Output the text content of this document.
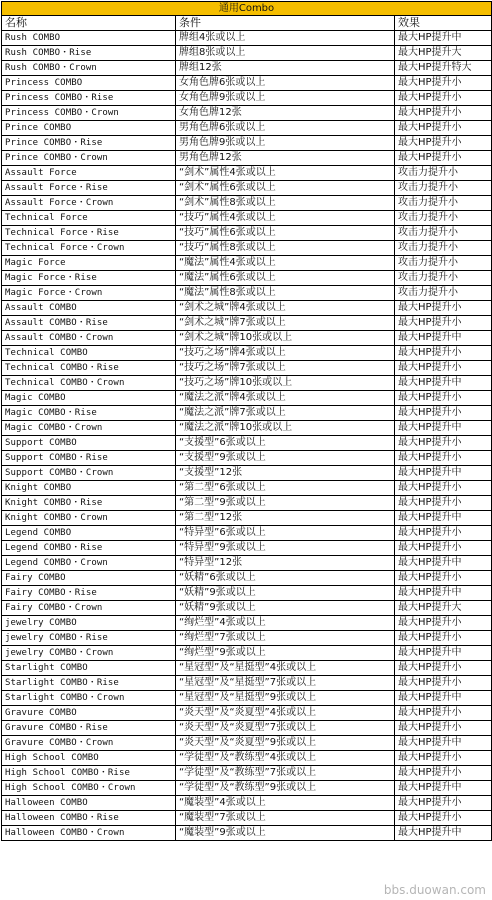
通用Combo		
名称	条件	效果
Rush COMBO	牌组4张或以上	最大HP提升中
Rush COMBO・Rise	牌组8张或以上	最大HP提升大
Rush COMBO・Crown	牌组12张	最大HP提升特大
Princess COMBO	女角色牌6张或以上	最大HP提升小
Princess COMBO・Rise	女角色牌9张或以上	最大HP提升小
Princess COMBO・Crown	女角色牌12张	最大HP提升小
Prince COMBO	男角色牌6张或以上	最大HP提升小
Prince COMBO・Rise	男角色牌9张或以上	最大HP提升小
Prince COMBO・Crown	男角色牌12张	最大HP提升小
Assault Force	“剑术”属性4张或以上	攻击力提升小
Assault Force・Rise	“剑术”属性6张或以上	攻击力提升小
Assault Force・Crown	“剑术”属性8张或以上	攻击力提升小
Technical Force	“技巧”属性4张或以上	攻击力提升小
Technical Force・Rise	“技巧”属性6张或以上	攻击力提升小
Technical Force・Crown	“技巧”属性8张或以上	攻击力提升小
Magic Force	“魔法”属性4张或以上	攻击力提升小
Magic Force・Rise	“魔法”属性6张或以上	攻击力提升小
Magic Force・Crown	“魔法”属性8张或以上	攻击力提升小
Assault COMBO	“剑术之城”牌4张或以上	最大HP提升小
Assault COMBO・Rise	“剑术之城”牌7张或以上	最大HP提升小
Assault COMBO・Crown	“剑术之城”牌10张或以上	最大HP提升中
Technical COMBO	“技巧之场”牌4张或以上	最大HP提升小
Technical COMBO・Rise	“技巧之场”牌7张或以上	最大HP提升小
Technical COMBO・Crown	“技巧之场”牌10张或以上	最大HP提升中
Magic COMBO	“魔法之派”牌4张或以上	最大HP提升小
Magic COMBO・Rise	“魔法之派”牌7张或以上	最大HP提升小
Magic COMBO・Crown	“魔法之派”牌10张或以上	最大HP提升中
Support COMBO	“支援型”6张或以上	最大HP提升小
Support COMBO・Rise	“支援型”9张或以上	最大HP提升小
Support COMBO・Crown	“支援型”12张	最大HP提升中
Knight COMBO	“第二型”6张或以上	最大HP提升小
Knight COMBO・Rise	“第二型”9张或以上	最大HP提升小
Knight COMBO・Crown	“第二型”12张	最大HP提升中
Legend COMBO	“特异型”6张或以上	最大HP提升小
Legend COMBO・Rise	“特异型”9张或以上	最大HP提升小
Legend COMBO・Crown	“特异型”12张	最大HP提升中
Fairy COMBO	“妖精”6张或以上	最大HP提升小
Fairy COMBO・Rise	“妖精”9张或以上	最大HP提升中
Fairy COMBO・Crown	“妖精”9张或以上	最大HP提升大
jewelry COMBO	“绚烂型”4张或以上	最大HP提升小
jewelry COMBO・Rise	“绚烂型”7张或以上	最大HP提升小
jewelry COMBO・Crown	“绚烂型”9张或以上	最大HP提升中
Starlight COMBO	“星冠型”及“星挺型”4张或以上	最大HP提升小
Starlight COMBO・Rise	“星冠型”及“星挺型”7张或以上	最大HP提升小
Starlight COMBO・Crown	“星冠型”及“星挺型”9张或以上	最大HP提升中
Gravure COMBO	“炎天型”及“炎夏型”4张或以上	最大HP提升小
Gravure COMBO・Rise	“炎天型”及“炎夏型”7张或以上	最大HP提升小
Gravure COMBO・Crown	“炎天型”及“炎夏型”9张或以上	最大HP提升中
High School COMBO	“学徒型”及“教练型”4张或以上	最大HP提升小
High School COMBO・Rise	“学徒型”及“教练型”7张或以上	最大HP提升小
High School COMBO・Crown	“学徒型”及“教练型”9张或以上	最大HP提升中
Halloween COMBO	“魔装型”4张或以上	最大HP提升小
Halloween COMBO・Rise	“魔装型”7张或以上	最大HP提升小
Halloween COMBO・Crown	“魔装型”9张或以上	最大HP提升中
bbs.duowan.com
